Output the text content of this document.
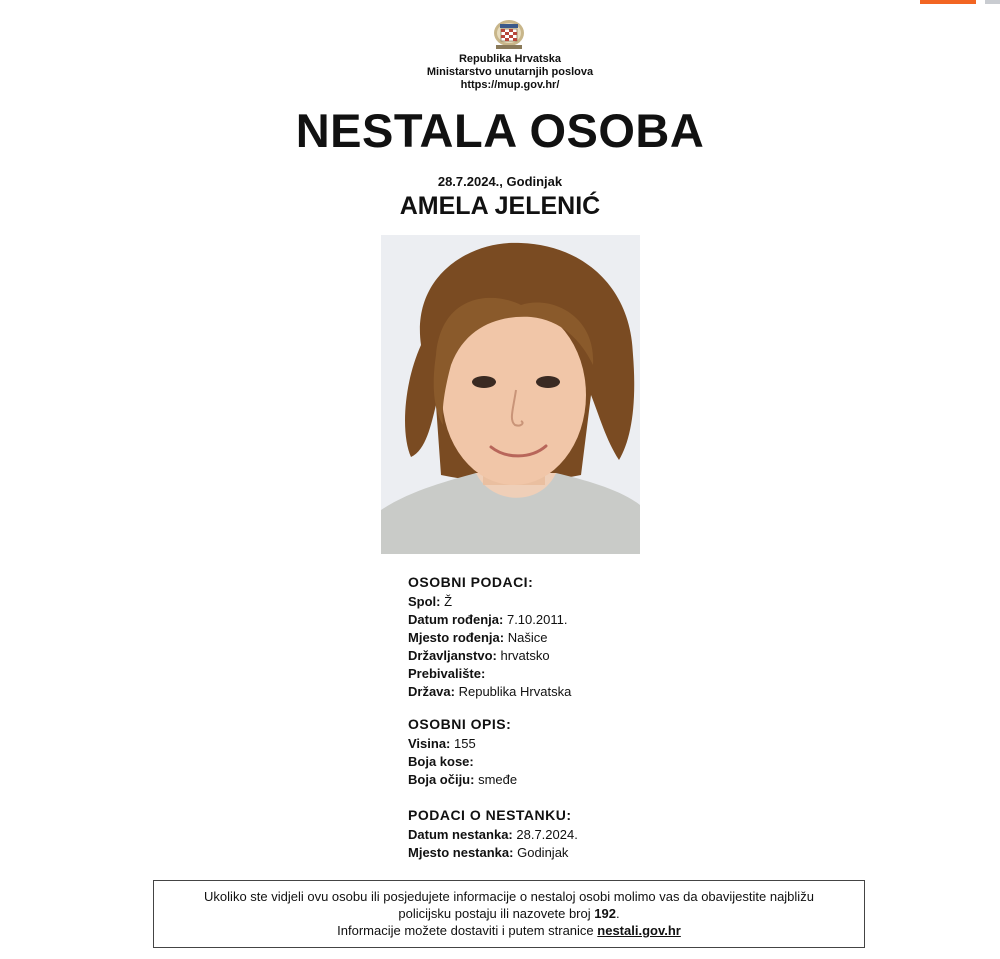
Republika Hrvatska
Ministarstvo unutarnjih poslova
https://mup.gov.hr/
NESTALA OSOBA
28.7.2024., Godinjak
AMELA JELENIĆ
OSOBNI PODACI:
Spol: Ž
Datum rođenja: 7.10.2011.
Mjesto rođenja: Našice
Državljanstvo: hrvatsko
Prebivalište:
Država: Republika Hrvatska
OSOBNI OPIS:
Visina: 155
Boja kose:
Boja očiju: smeđe
PODACI O NESTANKU:
Datum nestanka: 28.7.2024.
Mjesto nestanka: Godinjak
Ukoliko ste vidjeli ovu osobu ili posjedujete informacije o nestaloj osobi molimo vas da obavijestite najbližu
policijsku postaju ili nazovete broj 192.
Informacije možete dostaviti i putem stranice nestali.gov.hr
